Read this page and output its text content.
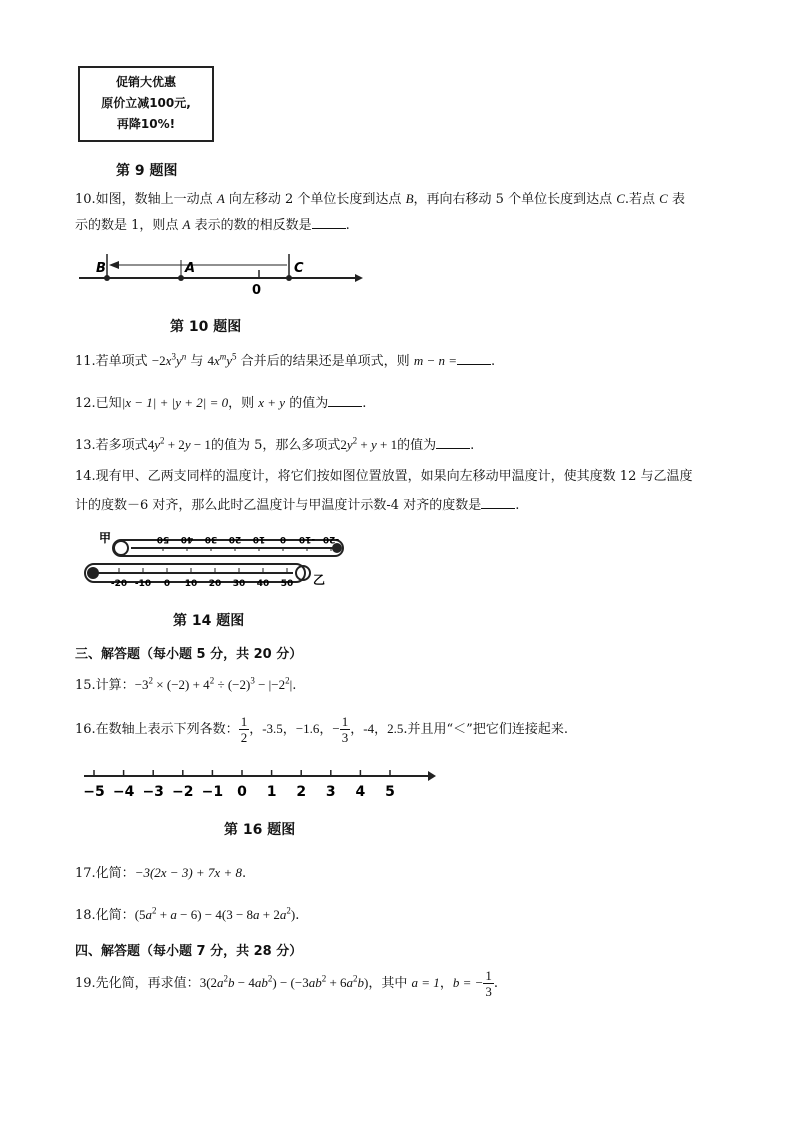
促销大优惠
原价立减100元,
再降10%!
第 9 题图
10.如图，数轴上一动点 A 向左移动 2 个单位长度到达点 B，再向右移动 5 个单位长度到达点 C.若点 C 表
示的数是 1，则点 A 表示的数的相反数是	.
B	A	C
0
第 10 题图
11.若单项式 $-2x^3y^n$ 与 $4x^my^5$ 合并后的结果还是单项式，则 m − n =	.
12.已知|x − 1| + |y + 2| = 0，则 x + y 的值为	.
13.若多项式$4y^2 + 2y - 1$的值为 5，那么多项式$2y^2 + y + 1$的值为	.
14.现有甲、乙两支同样的温度计，将它们按如图位置放置，如果向左移动甲温度计，使其度数 12 与乙温度
计的度数－6 对齐，那么此时乙温度计与甲温度计示数-4 对齐的度数是	.
甲
乙
50 40 30 20 10 0 -10 -20
-20 -10 0 10 20 30 40 50
第 14 题图
三、解答题（每小题 5 分，共 20 分）
15.计算：$-3^2 \times (-2) + 4^2 \div (-2)^3 - |-2^2|$.
16.在数轴上表示下列各数： $\frac{1}{2}$ ，-3.5，−1.6，− $\frac{1}{3}$ ，-4，2.5.并且用“＜”把它们连接起来.
−5 −4 −3 −2 −1 0 1 2 3 4 5
第 16 题图
17.化简：−3(2x − 3) + 7x + 8.
18.化简：$(5a^2 + a - 6) - 4(3 - 8a + 2a^2)$.
四、解答题（每小题 7 分，共 28 分）
19.先化简，再求值：$3(2a^2b - 4ab^2) - (-3ab^2 + 6a^2b)$，其中 a = 1，b = − $\frac{1}{3}$ .
